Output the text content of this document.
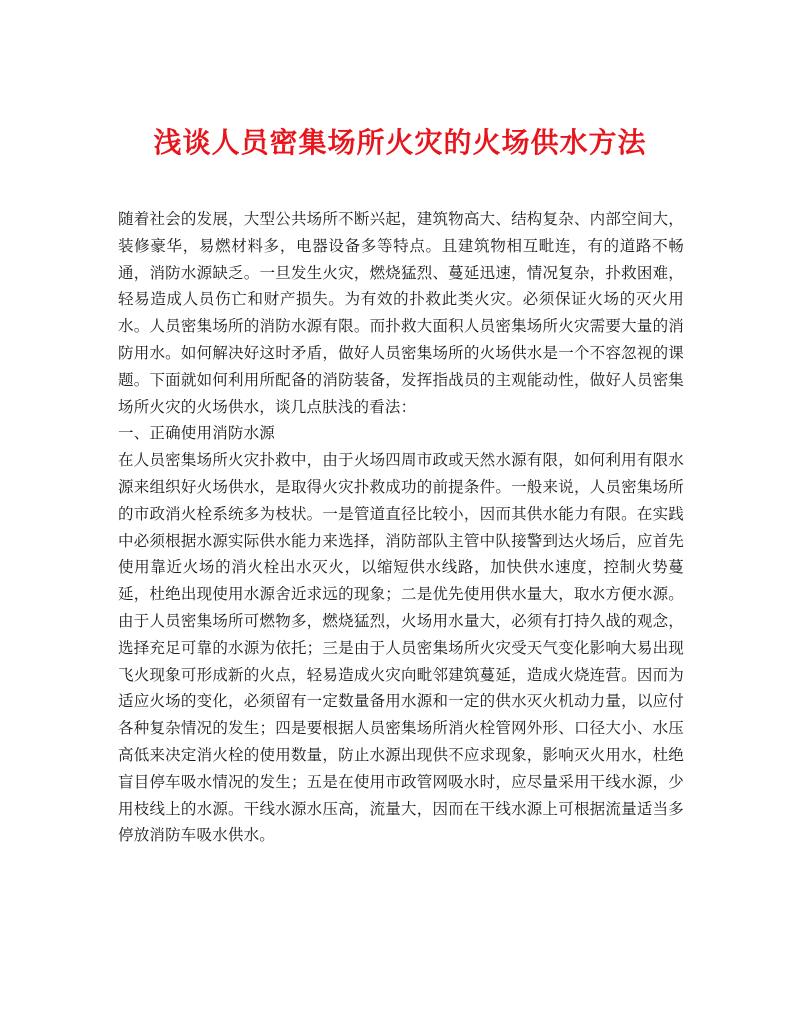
浅谈人员密集场所火灾的火场供水方法

随着社会的发展，大型公共场所不断兴起，建筑物高大、结构复杂、内部空间大，装修豪华，易燃材料多，电器设备多等特点。且建筑物相互毗连，有的道路不畅通，消防水源缺乏。一旦发生火灾，燃烧猛烈、蔓延迅速，情况复杂，扑救困难，轻易造成人员伤亡和财产损失。为有效的扑救此类火灾。必须保证火场的灭火用水。人员密集场所的消防水源有限。而扑救大面积人员密集场所火灾需要大量的消防用水。如何解决好这时矛盾，做好人员密集场所的火场供水是一个不容忽视的课题。下面就如何利用所配备的消防装备，发挥指战员的主观能动性，做好人员密集场所火灾的火场供水，谈几点肤浅的看法：

一、正确使用消防水源

在人员密集场所火灾扑救中，由于火场四周市政或天然水源有限，如何利用有限水源来组织好火场供水，是取得火灾扑救成功的前提条件。一般来说，人员密集场所的市政消火栓系统多为枝状。一是管道直径比较小，因而其供水能力有限。在实践中必须根据水源实际供水能力来选择，消防部队主管中队接警到达火场后，应首先使用靠近火场的消火栓出水灭火，以缩短供水线路，加快供水速度，控制火势蔓延，杜绝出现使用水源舍近求远的现象；二是优先使用供水量大，取水方便水源。由于人员密集场所可燃物多，燃烧猛烈，火场用水量大，必须有打持久战的观念，选择充足可靠的水源为依托；三是由于人员密集场所火灾受天气变化影响大易出现飞火现象可形成新的火点，轻易造成火灾向毗邻建筑蔓延，造成火烧连营。因而为适应火场的变化，必须留有一定数量备用水源和一定的供水灭火机动力量，以应付各种复杂情况的发生；四是要根据人员密集场所消火栓管网外形、口径大小、水压高低来决定消火栓的使用数量，防止水源出现供不应求现象，影响灭火用水，杜绝盲目停车吸水情况的发生；五是在使用市政管网吸水时，应尽量采用干线水源，少用枝线上的水源。干线水源水压高，流量大，因而在干线水源上可根据流量适当多停放消防车吸水供水。
